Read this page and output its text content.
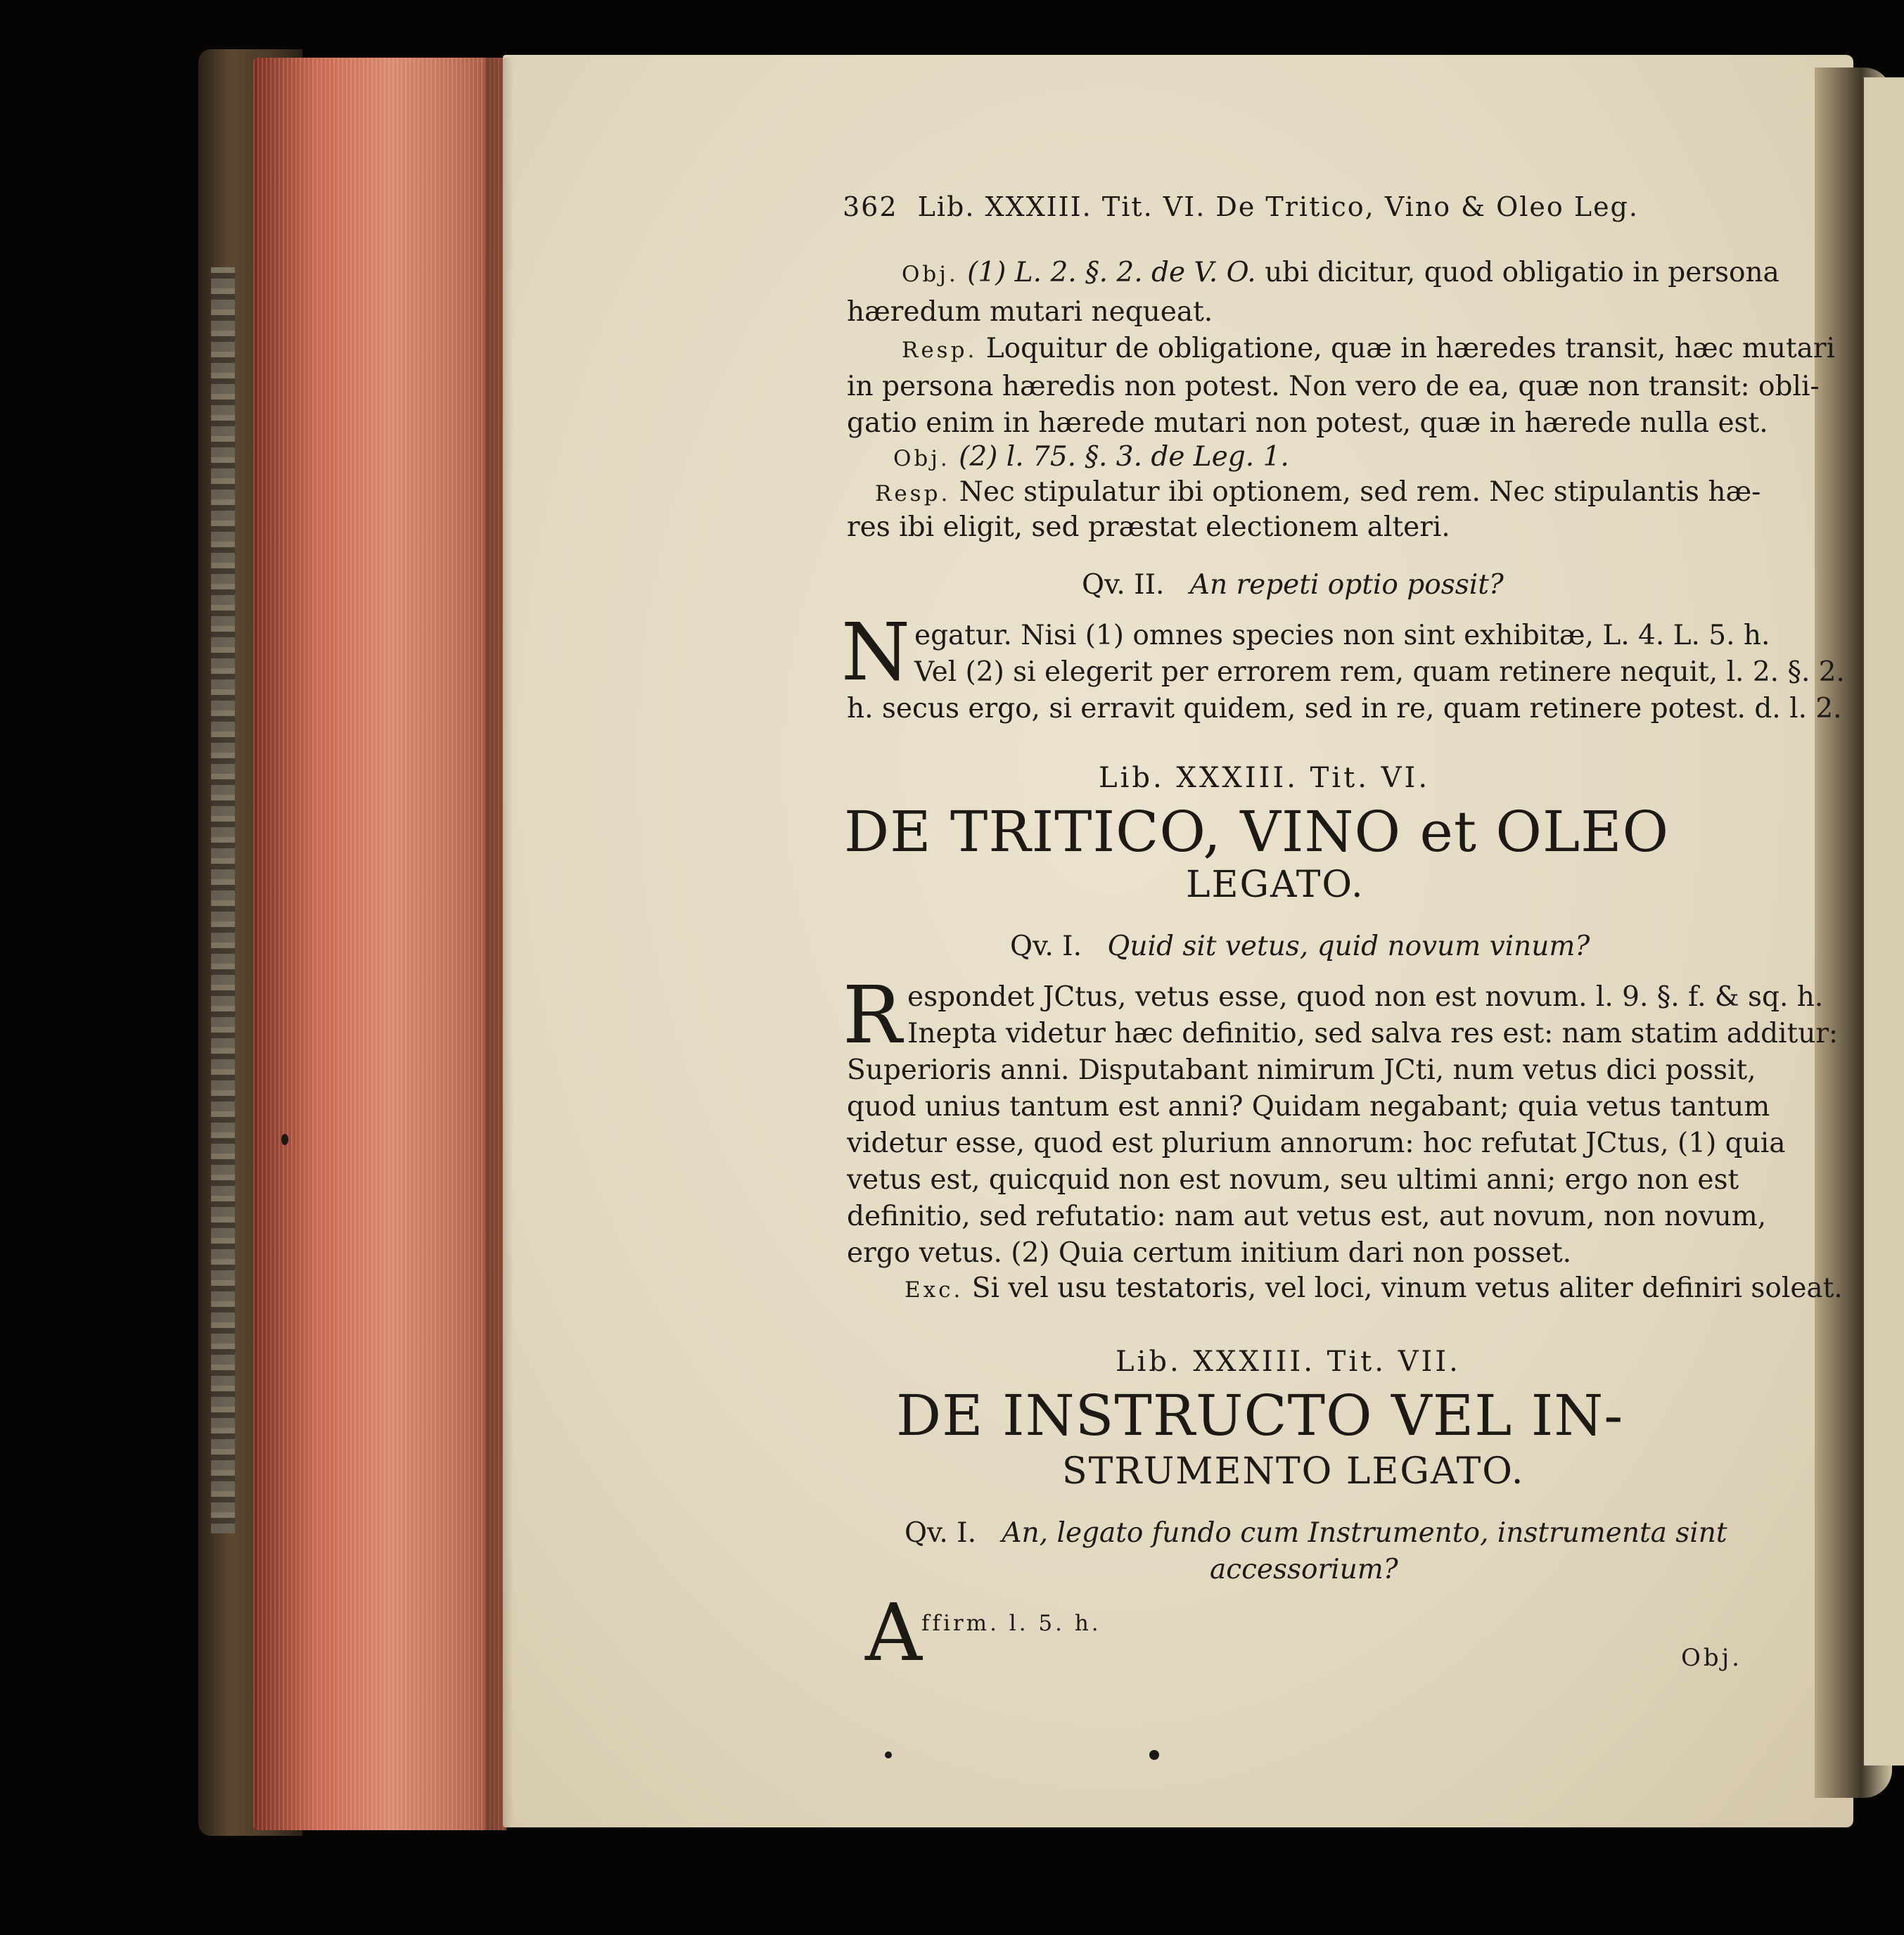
362 Lib. XXXIII. Tit. VI. De Tritico, Vino & Oleo Leg.
Obj. (1) L. 2. §. 2. de V. O. ubi dicitur, quod obligatio in persona
hæredum mutari nequeat.
Resp. Loquitur de obligatione, quæ in hæredes transit, hæc mutari
in persona hæredis non potest. Non vero de ea, quæ non transit: obli-
gatio enim in hærede mutari non potest, quæ in hærede nulla est.
Obj. (2) l. 75. §. 3. de Leg. 1.
Resp. Nec stipulatur ibi optionem, sed rem. Nec stipulantis hæ-
res ibi eligit, sed præstat electionem alteri.
Qv. II. An repeti optio possit?
N egatur. Nisi (1) omnes species non sint exhibitæ, L. 4. L. 5. h.
Vel (2) si elegerit per errorem rem, quam retinere nequit, l. 2. §. 2.
h. secus ergo, si erravit quidem, sed in re, quam retinere potest. d. l. 2.
Lib. XXXIII. Tit. VI.
DE TRITICO, VINO et OLEO
LEGATO.
Qv. I. Quid sit vetus, quid novum vinum?
R espondet JCtus, vetus esse, quod non est novum. l. 9. §. f. & sq. h.
Inepta videtur hæc definitio, sed salva res est: nam statim additur:
Superioris anni. Disputabant nimirum JCti, num vetus dici possit,
quod unius tantum est anni? Quidam negabant; quia vetus tantum
videtur esse, quod est plurium annorum: hoc refutat JCtus, (1) quia
vetus est, quicquid non est novum, seu ultimi anni; ergo non est
definitio, sed refutatio: nam aut vetus est, aut novum, non novum,
ergo vetus. (2) Quia certum initium dari non posset.
Exc. Si vel usu testatoris, vel loci, vinum vetus aliter definiri soleat.
Lib. XXXIII. Tit. VII.
DE INSTRUCTO VEL IN-
STRUMENTO LEGATO.
Qv. I. An, legato fundo cum Instrumento, instrumenta sint
accessorium?
A ffirm. l. 5. h.
Obj.
